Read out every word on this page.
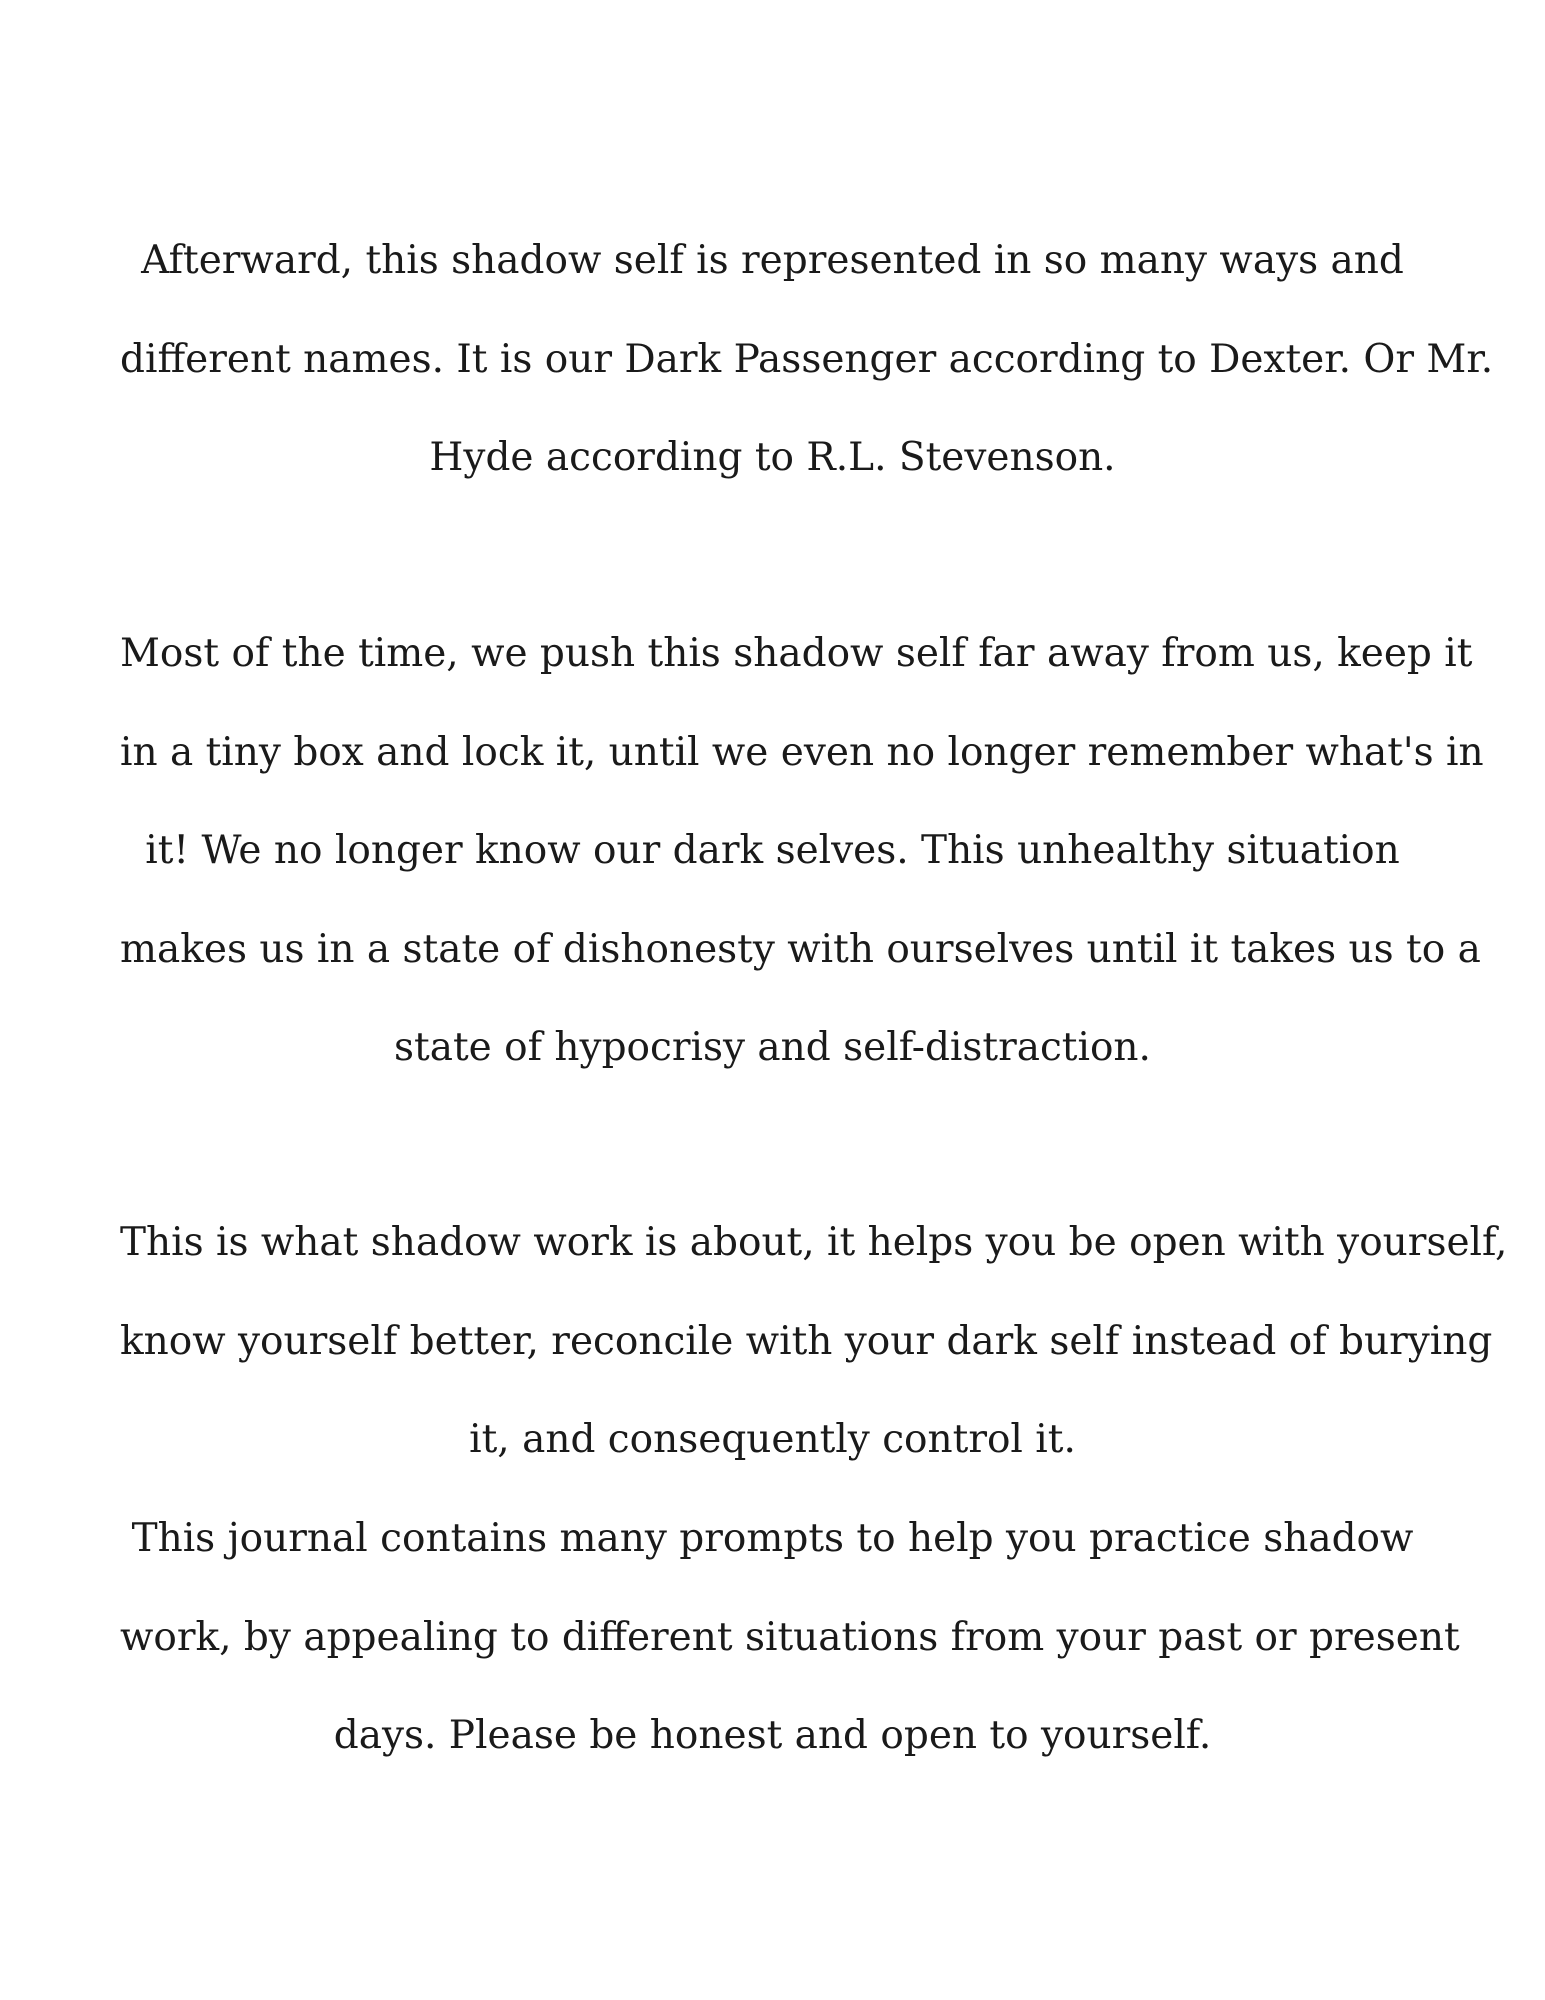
Afterward, this shadow self is represented in so many ways and
different names. It is our Dark Passenger according to Dexter. Or Mr.
Hyde according to R.L. Stevenson.
Most of the time, we push this shadow self far away from us, keep it
in a tiny box and lock it, until we even no longer remember what's in
it! We no longer know our dark selves. This unhealthy situation
makes us in a state of dishonesty with ourselves until it takes us to a
state of hypocrisy and self-distraction.
This is what shadow work is about, it helps you be open with yourself,
know yourself better, reconcile with your dark self instead of burying
it, and consequently control it.
This journal contains many prompts to help you practice shadow
work, by appealing to different situations from your past or present
days. Please be honest and open to yourself.
